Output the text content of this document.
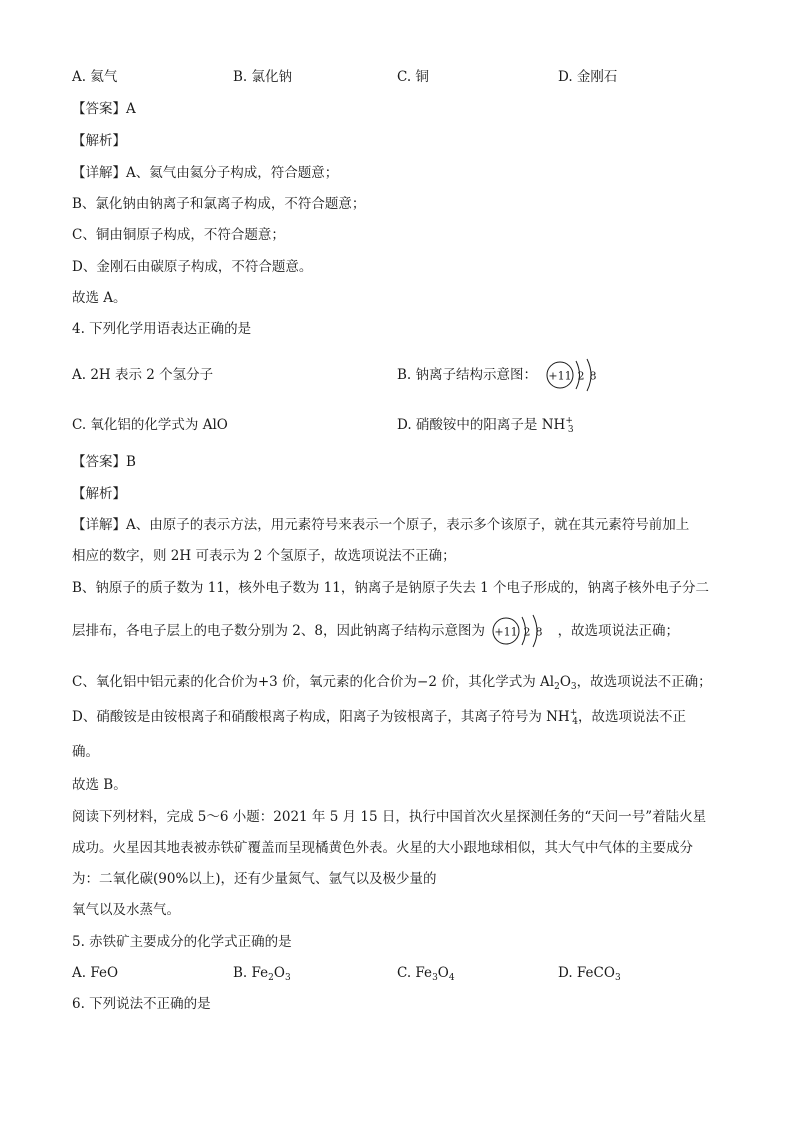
A. 氦气	B. 氯化钠	C. 铜	D. 金刚石
【答案】A
【解析】
【详解】A、氦气由氦分子构成，符合题意；
B、氯化钠由钠离子和氯离子构成，不符合题意；
C、铜由铜原子构成，不符合题意；
D、金刚石由碳原子构成，不符合题意。
故选 A。
4. 下列化学用语表达正确的是
A. 2H 表示 2 个氢分子	B. 钠离子结构示意图： +11 2 8
C. 氧化铝的化学式为 AlO	D. 硝酸铵中的阳离子是 $NH^+_3$
【答案】B
【解析】
【详解】A、由原子的表示方法，用元素符号来表示一个原子，表示多个该原子，就在其元素符号前加上
相应的数字，则 2H 可表示为 2 个氢原子，故选项说法不正确；
B、钠原子的质子数为 11，核外电子数为 11，钠离子是钠原子失去 1 个电子形成的，钠离子核外电子分二
层排布，各电子层上的电子数分别为 2、8，因此钠离子结构示意图为 +11 2 8 ，故选项说法正确；
C、氧化铝中铝元素的化合价为+3 价，氧元素的化合价为−2 价，其化学式为 $Al_2O_3$，故选项说法不正确；
D、硝酸铵是由铵根离子和硝酸根离子构成，阳离子为铵根离子，其离子符号为 $NH^+_4$，故选项说法不正
确。
故选 B。
阅读下列材料，完成 5～6 小题：2021 年 5 月 15 日，执行中国首次火星探测任务的“天问一号”着陆火星
成功。火星因其地表被赤铁矿覆盖而呈现橘黄色外表。火星的大小跟地球相似，其大气中气体的主要成分
为：二氧化碳(90%以上)，还有少量氮气、氩气以及极少量的
氧气以及水蒸气。
5. 赤铁矿主要成分的化学式正确的是
A. FeO	B. $Fe_2O_3$	C. $Fe_3O_4$	D. FeCO$_3$
6. 下列说法不正确的是
